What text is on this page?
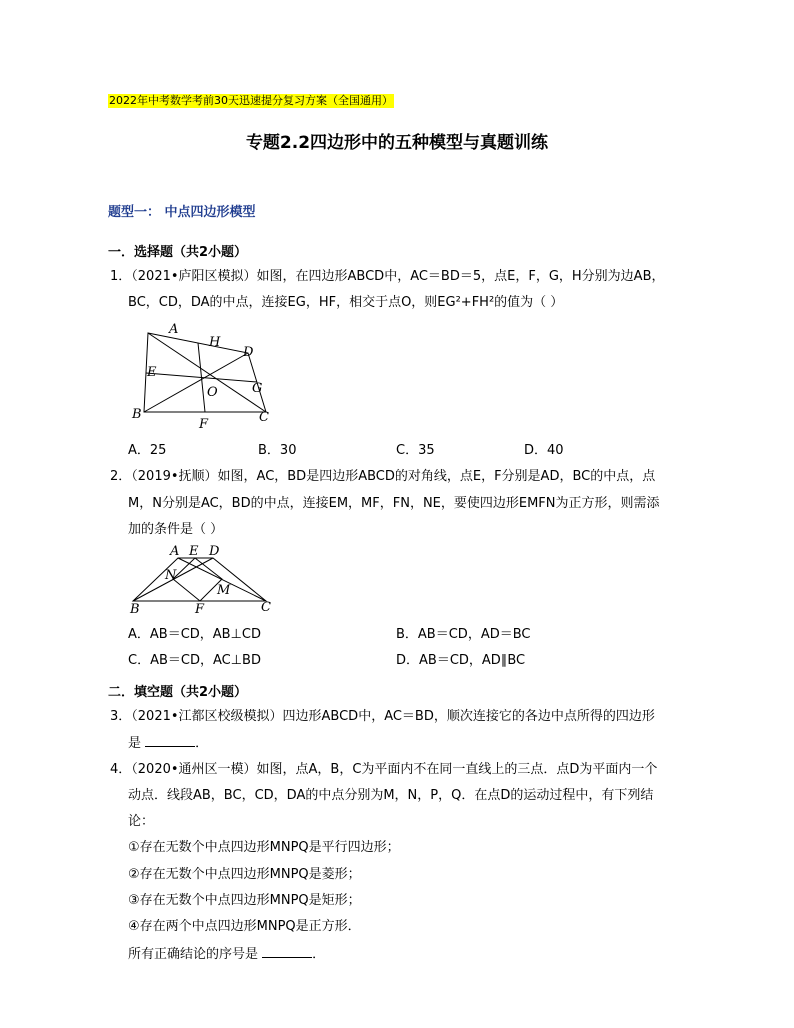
2022年中考数学考前30天迅速提分复习方案（全国通用）
专题2.2四边形中的五种模型与真题训练
题型一： 中点四边形模型
一．选择题（共2小题）
1．（2021•庐阳区模拟）如图，在四边形ABCD中，AC＝BD＝5，点E，F，G，H分别为边AB，
BC，CD，DA的中点，连接EG，HF，相交于点O，则EG²+FH²的值为（ ）
A
H
D
E
G
O
B
F	C
A．25	B．30	C．35	D．40
2．（2019•抚顺）如图，AC，BD是四边形ABCD的对角线，点E，F分别是AD，BC的中点，点
M，N分别是AC，BD的中点，连接EM，MF，FN，NE，要使四边形EMFN为正方形，则需添
加的条件是（ ）
A E D
N
M
B	F	C
A．AB＝CD，AB⊥CD	B．AB＝CD，AD＝BC
C．AB＝CD，AC⊥BD	D．AB＝CD，AD∥BC
二．填空题（共2小题）
3．（2021•江都区校级模拟）四边形ABCD中，AC＝BD，顺次连接它的各边中点所得的四边形
是	．
4．（2020•通州区一模）如图，点A，B，C为平面内不在同一直线上的三点．点D为平面内一个
动点．线段AB，BC，CD，DA的中点分别为M，N，P，Q．在点D的运动过程中，有下列结
论：
①存在无数个中点四边形MNPQ是平行四边形；
②存在无数个中点四边形MNPQ是菱形；
③存在无数个中点四边形MNPQ是矩形；
④存在两个中点四边形MNPQ是正方形．
所有正确结论的序号是	．
